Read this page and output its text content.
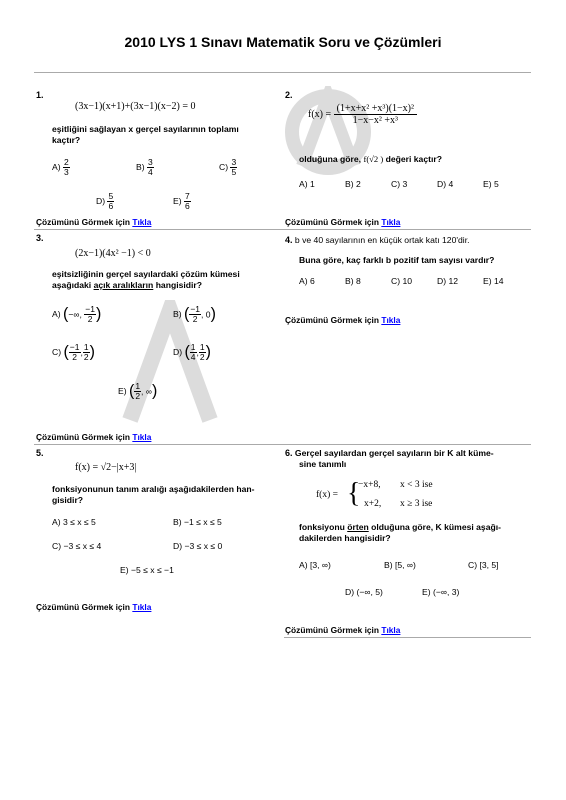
2010 LYS 1 Sınavı Matematik Soru ve Çözümleri
1.
(3x−1)(x+1)+(3x−1)(x−2) = 0
eşitliğini sağlayan x gerçel sayılarının toplamı
kaçtır?
$A) \frac{2}{3}$	$B) \frac{3}{4}$	$C) \frac{3}{5}$
$D) \frac{5}{6}$	$E) \frac{7}{6}$
Çözümünü Görmek için Tıkla
2.
$f(x) = \frac{\text{(1+x+x² +x³)(1−x)²}}{\text{1−x−x² +x³}}$
olduğuna göre, f(√2 ) değeri kaçtır?
A) 1	B) 2	C) 3	D) 4	E) 5
Çözümünü Görmek için Tıkla
3.
(2x−1)(4x² −1) < 0
eşitsizliğinin gerçel sayılardaki çözüm kümesi
aşağıdaki açık aralıkların hangisidir?
A) (−∞, $\frac{-1}{2}$ )	B) ( $\frac{-1}{2}$ , 0)
C) ( $\frac{-1}{2}$ , $\frac{1}{2}$ )	D) ( $\frac{1}{4}$ , $\frac{1}{2}$ )
E) ( $\frac{1}{2}$ , ∞)
Çözümünü Görmek için Tıkla
4. b ve 40 sayılarının en küçük ortak katı 120'dir.
Buna göre, kaç farklı b pozitif tam sayısı vardır?
A) 6	B) 8	C) 10	D) 12	E) 14
Çözümünü Görmek için Tıkla
5.
f(x) = √2−|x+3|
fonksiyonunun tanım aralığı aşağıdakilerden han-
gisidir?
A) 3 ≤ x ≤ 5	B) −1 ≤ x ≤ 5
C) −3 ≤ x ≤ 4	D) −3 ≤ x ≤ 0
E) −5 ≤ x ≤ −1
Çözümünü Görmek için Tıkla
6. Gerçel sayılardan gerçel sayıların bir K alt küme-
sine tanımlı
f(x) = {
−x+8, x < 3 ise
x+2, x ≥ 3 ise
fonksiyonu örten olduğuna göre, K kümesi aşağı-
dakilerden hangisidir?
A) [3, ∞)	B) [5, ∞)	C) [3, 5]
D) (−∞, 5)	E) (−∞, 3)
Çözümünü Görmek için Tıkla
